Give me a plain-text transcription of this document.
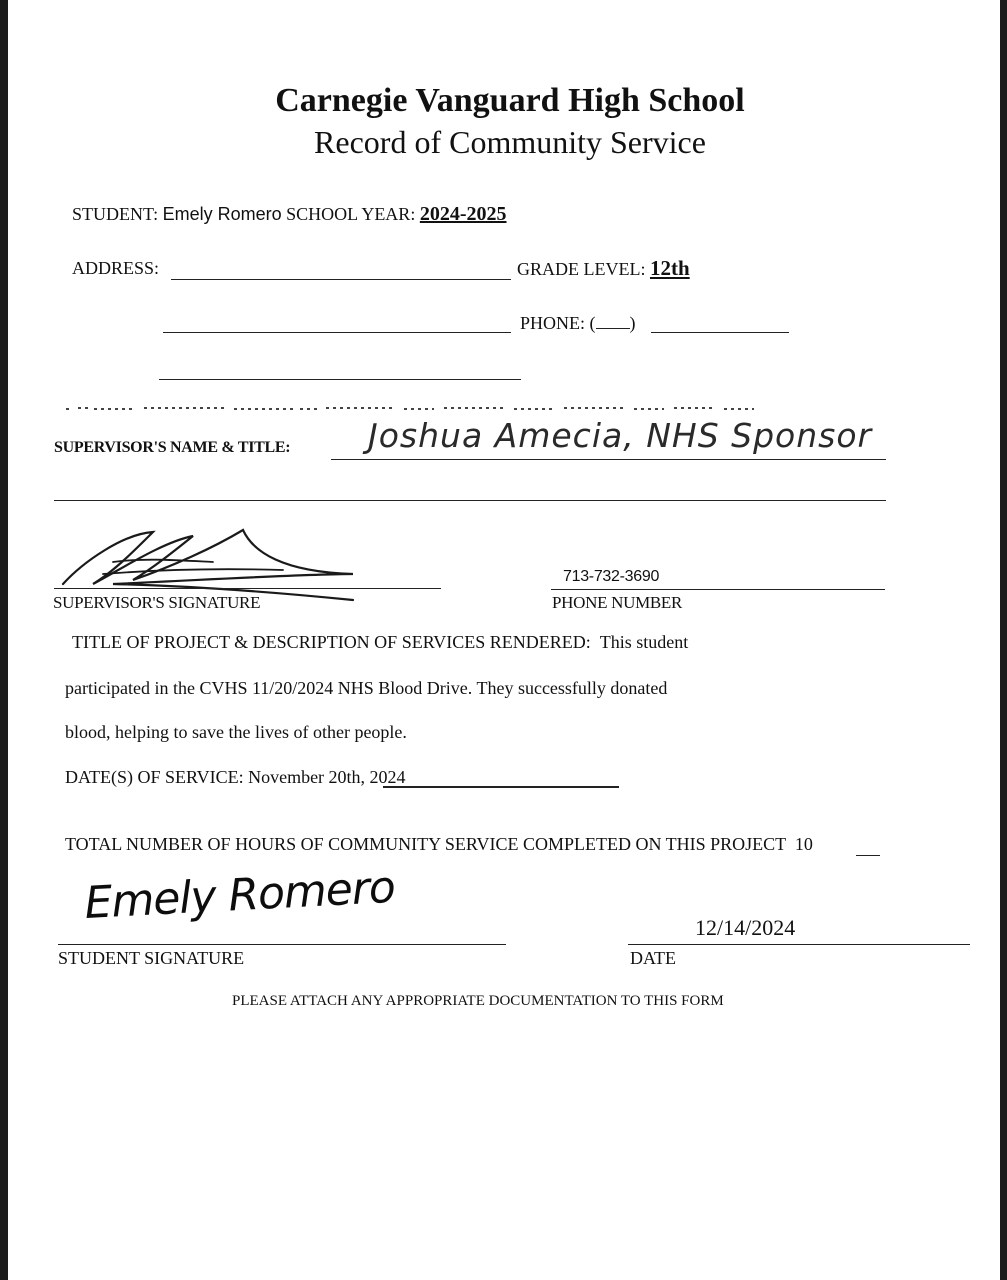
Carnegie Vanguard High School
Record of Community Service
STUDENT: Emely Romero SCHOOL YEAR: 2024-2025
ADDRESS:	GRADE LEVEL: 12th
PHONE: ( )
SUPERVISOR'S NAME & TITLE: Joshua Amecia, NHS Sponsor
SUPERVISOR'S SIGNATURE
713-732-3690
PHONE NUMBER
TITLE OF PROJECT & DESCRIPTION OF SERVICES RENDERED: This student
participated in the CVHS 11/20/2024 NHS Blood Drive. They successfully donated
blood, helping to save the lives of other people.
DATE(S) OF SERVICE: November 20th, 2024
TOTAL NUMBER OF HOURS OF COMMUNITY SERVICE COMPLETED ON THIS PROJECT 10
Emely Romero
STUDENT SIGNATURE
12/14/2024
DATE
PLEASE ATTACH ANY APPROPRIATE DOCUMENTATION TO THIS FORM
